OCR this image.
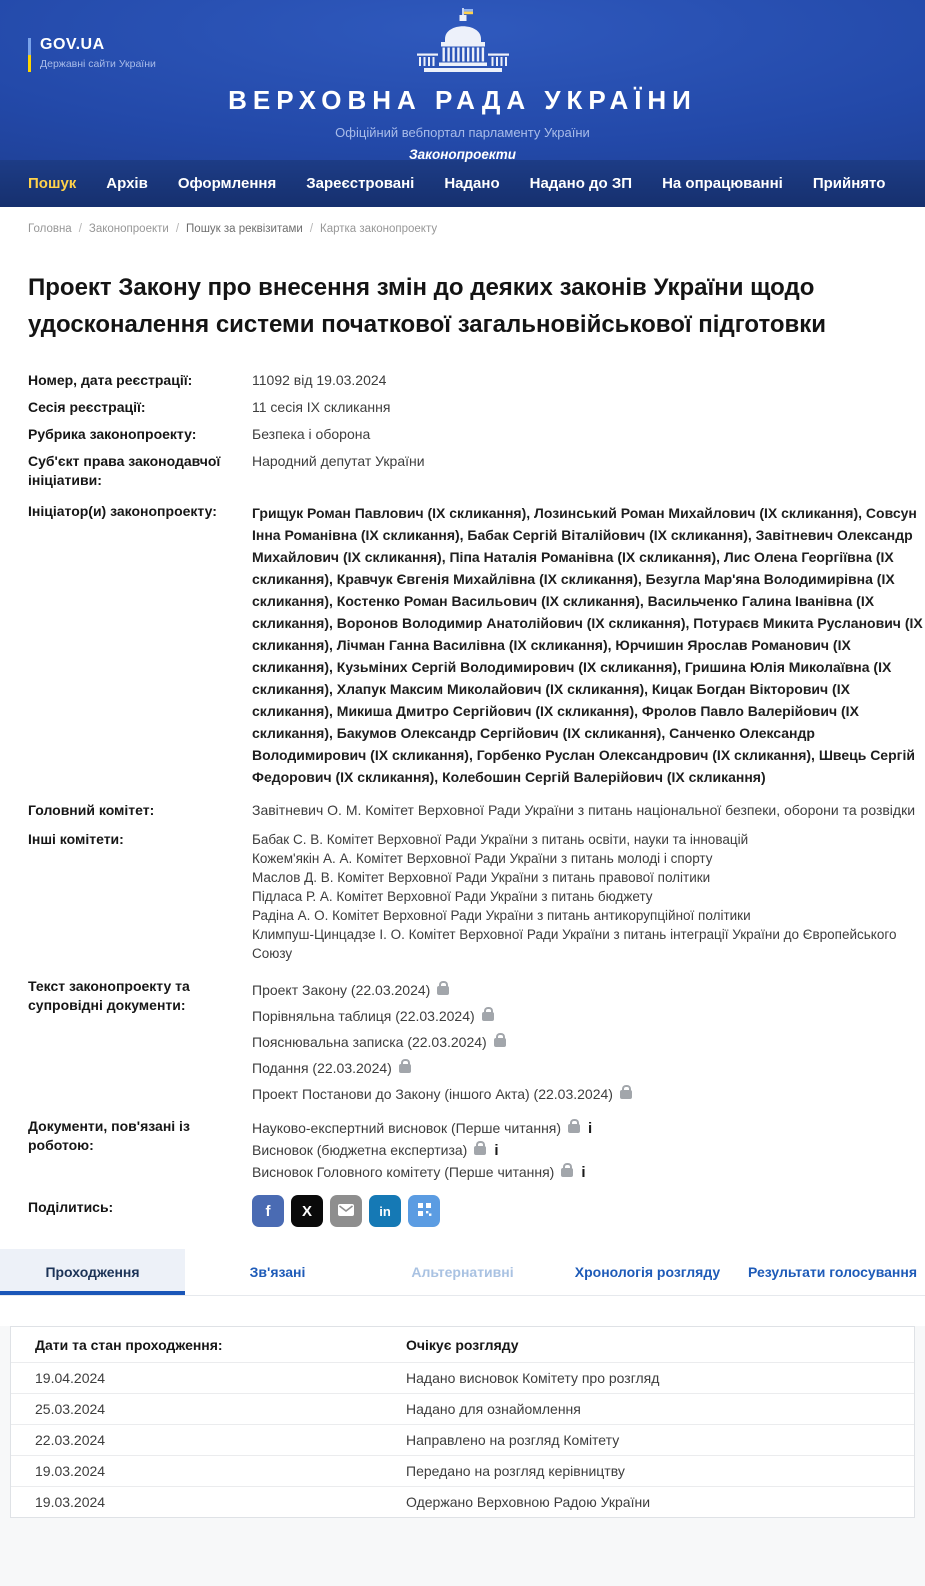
GOV.UA
Державні сайти України
ВЕРХОВНА РАДА УКРАЇНИ
Офіційний вебпортал парламенту України
Законопроекти
Пошук Архів Оформлення Зареєстровані Надано Надано до ЗП На опрацюванні Прийнято
Головна / Законопроекти / Пошук за реквізитами / Картка законопроекту
Проект Закону про внесення змін до деяких законів України щодо удосконалення системи початкової загальновійськової підготовки
Номер, дата реєстрації:	11092 від 19.03.2024
Сесія реєстрації:	11 сесія IX скликання
Рубрика законопроекту:	Безпека і оборона
Суб'єкт права законодавчої ініціативи:
Народний депутат України
Ініціатор(и) законопроекту:	Грищук Роман Павлович (IX скликання), Лозинський Роман Михайлович (IX скликання), Совсун Інна Романівна (IX скликання), Бабак Сергій Віталійович (IX скликання), Завітневич Олександр Михайлович (IX скликання), Піпа Наталія Романівна (IX скликання), Лис Олена Георгіївна (IX скликання), Кравчук Євгенія Михайлівна (IX скликання), Безугла Мар'яна Володимирівна (IX скликання), Костенко Роман Васильович (IX скликання), Васильченко Галина Іванівна (IX скликання), Воронов Володимир Анатолійович (IX скликання), Потураєв Микита Русланович (IX скликання), Лічман Ганна Василівна (IX скликання), Юрчишин Ярослав Романович (IX скликання), Кузьміних Сергій Володимирович (IX скликання), Гришина Юлія Миколаївна (IX скликання), Хлапук Максим Миколайович (IX скликання), Кицак Богдан Вікторович (IX скликання), Микиша Дмитро Сергійович (IX скликання), Фролов Павло Валерійович (IX скликання), Бакумов Олександр Сергійович (IX скликання), Санченко Олександр Володимирович (IX скликання), Горбенко Руслан Олександрович (IX скликання), Швець Сергій Федорович (IX скликання), Колебошин Сергій Валерійович (IX скликання)
Головний комітет:	Завітневич О. М. Комітет Верховної Ради України з питань національної безпеки, оборони та розвідки
Інші комітети:	Бабак С. В. Комітет Верховної Ради України з питань освіти, науки та інновацій
Кожем'якін А. А. Комітет Верховної Ради України з питань молоді і спорту
Маслов Д. В. Комітет Верховної Ради України з питань правової політики
Підласа Р. А. Комітет Верховної Ради України з питань бюджету
Радіна А. О. Комітет Верховної Ради України з питань антикорупційної політики
Климпуш-Цинцадзе І. О. Комітет Верховної Ради України з питань інтеграції України до Європейського Союзу
Текст законопроекту та супровідні документи:
Проект Закону (22.03.2024)
Порівняльна таблиця (22.03.2024)
Пояснювальна записка (22.03.2024)
Подання (22.03.2024)
Проект Постанови до Закону (іншого Акта) (22.03.2024)
Документи, пов'язані із роботою:
Науково-експертний висновок (Перше читання) i
Висновок (бюджетна експертиза) i
Висновок Головного комітету (Перше читання) i
Поділитись:	f	X	in
Проходження	Зв'язані	Альтернативні	Хронологія розгляду	Результати голосування
Дати та стан проходження:	Очікує розгляду
19.04.2024	Надано висновок Комітету про розгляд
25.03.2024	Надано для ознайомлення
22.03.2024	Направлено на розгляд Комітету
19.03.2024	Передано на розгляд керівництву
19.03.2024	Одержано Верховною Радою України
